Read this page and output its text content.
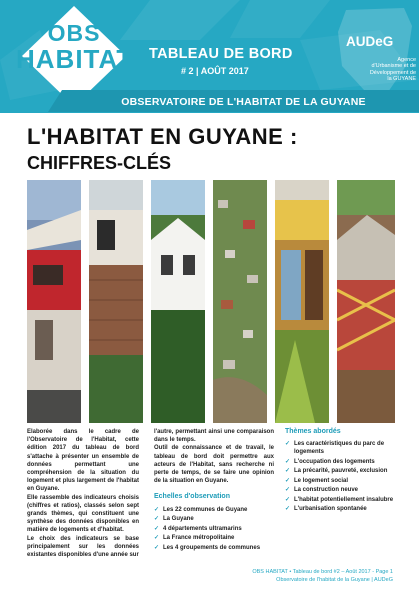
OBS
HABITAT TABLEAU DE BORD
# 2 | AOÛT 2017
AUDeG
Agence d'Urbanisme et de Développement de la GUYANE
OBSERVATOIRE DE L'HABITAT DE LA GUYANE
L'HABITAT EN GUYANE :
CHIFFRES-CLÉS

Elaborée dans le cadre de l'Observatoire de l'Habitat, cette édition 2017 du tableau de bord s'attache à présenter un ensemble de données permettant une compréhension de la situation du logement et plus largement de l'habitat en Guyane.

Elle rassemble des indicateurs choisis (chiffres et ratios), classés selon sept grands thèmes, qui constituent une synthèse des données disponibles en matière de logements et d'habitat.

Le choix des indicateurs se base principalement sur les données existantes disponibles d'une année sur

l'autre, permettant ainsi une comparaison dans le temps.

Outil de connaissance et de travail, le tableau de bord doit permettre aux acteurs de l'Habitat, sans recherche ni perte de temps, de se faire une opinion de la situation en Guyane.

Echelles d'observation
✓ Les 22 communes de Guyane
✓ La Guyane
✓ 4 départements ultramarins
✓ La France métropolitaine
✓ Les 4 groupements de communes
Thèmes abordés
✓ Les caractéristiques du parc de logements
✓ L'occupation des logements
✓ La précarité, pauvreté, exclusion
✓ Le logement social
✓ La construction neuve
✓ L'habitat potentiellement insalubre
✓ L'urbanisation spontanée
OBS HABITAT • Tableau de bord #2 – Août 2017 - Page 1
Observatoire de l'habitat de la Guyane | AUDeG
